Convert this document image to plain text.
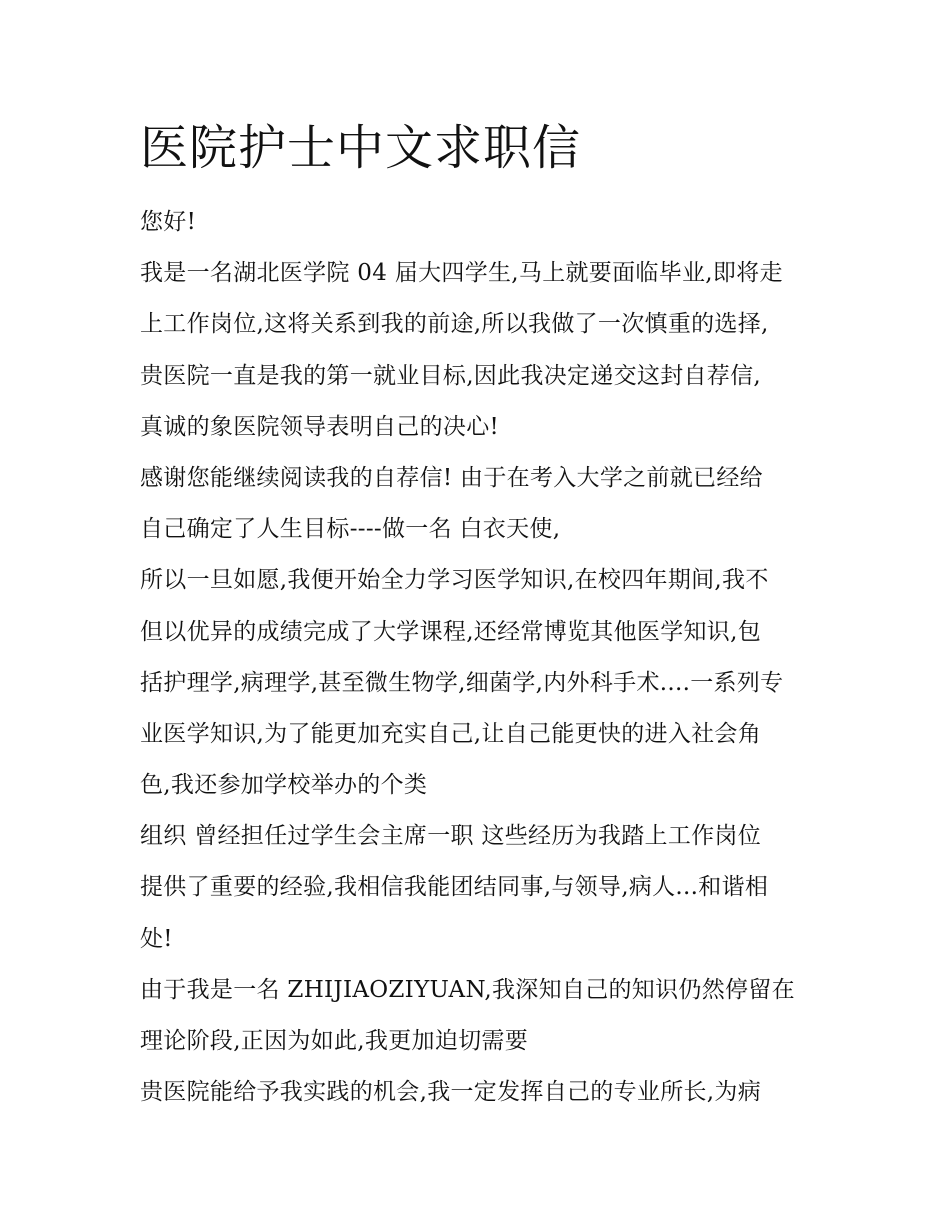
医院护士中文求职信
您好!
我是一名湖北医学院 04 届大四学生,马上就要面临毕业,即将走
上工作岗位,这将关系到我的前途,所以我做了一次慎重的选择,
贵医院一直是我的第一就业目标,因此我决定递交这封自荐信,
真诚的象医院领导表明自己的决心!
感谢您能继续阅读我的自荐信! 由于在考入大学之前就已经给
自己确定了人生目标----做一名 白衣天使,
所以一旦如愿,我便开始全力学习医学知识,在校四年期间,我不
但以优异的成绩完成了大学课程,还经常博览其他医学知识,包
括护理学,病理学,甚至微生物学,细菌学,内外科手术....一系列专
业医学知识,为了能更加充实自己,让自己能更快的进入社会角
色,我还参加学校举办的个类
组织 曾经担任过学生会主席一职 这些经历为我踏上工作岗位
提供了重要的经验,我相信我能团结同事,与领导,病人...和谐相
处!
由于我是一名 ZHIJIAOZIYUAN,我深知自己的知识仍然停留在
理论阶段,正因为如此,我更加迫切需要
贵医院能给予我实践的机会,我一定发挥自己的专业所长,为病
